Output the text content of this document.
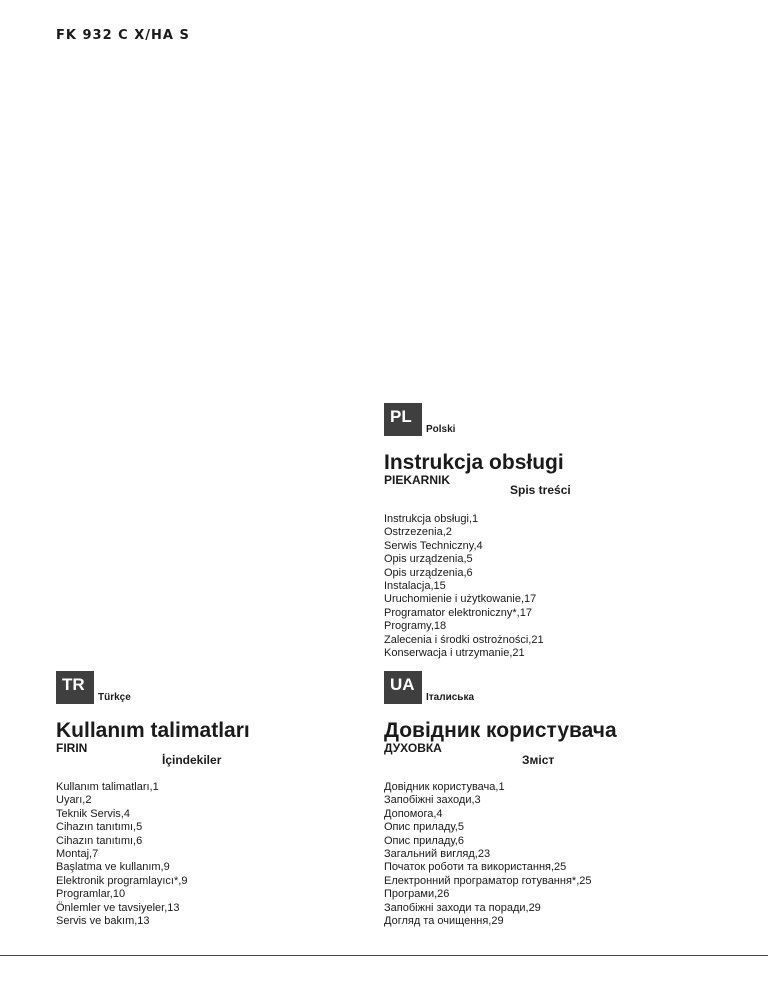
FK 932 C X/HA S
PL
Polski
Instrukcja obsługi
PIEKARNIK
Spis treści
Instrukcja obsługi,1
Ostrzezenia,2
Serwis Techniczny,4
Opis urządzenia,5
Opis urządzenia,6
Instalacja,15
Uruchomienie i użytkowanie,17
Programator elektroniczny*,17
Programy,18
Zalecenia i środki ostrożności,21
Konserwacja i utrzymanie,21
TR
Türkçe
Kullanım talimatları
FIRIN
İçindekiler
Kullanım talimatları,1
Uyarı,2
Teknik Servis,4
Cihazın tanıtımı,5
Cihazın tanıtımı,6
Montaj,7
Başlatma ve kullanım,9
Elektronik programlayıcı*,9
Programlar,10
Önlemler ve tavsiyeler,13
Servis ve bakım,13
UA
Італиська
Довідник користувача
ДУХОВКА
Зміст
Довідник користувача,1
Запобіжні заходи,3
Допомога,4
Опис приладу,5
Опис приладу,6
Загальний вигляд,23
Початок роботи та використання,25
Електронний програматор готування*,25
Програми,26
Запобіжні заходи та поради,29
Догляд та очищення,29
